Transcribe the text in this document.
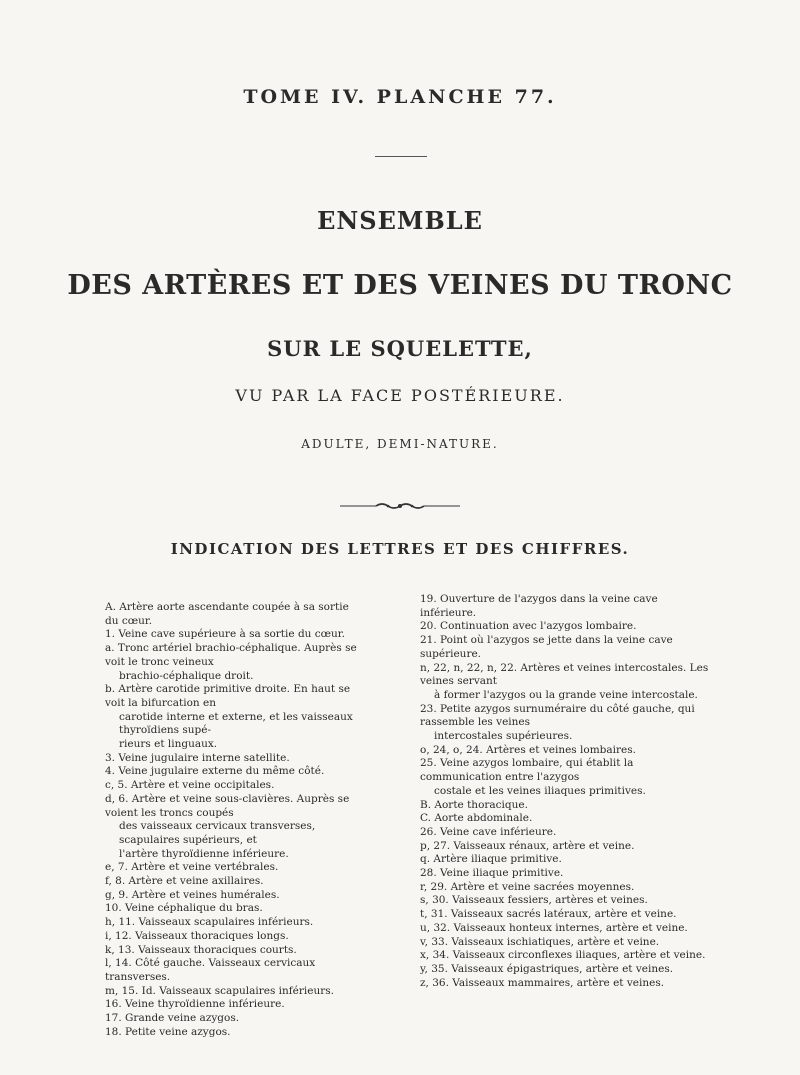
TOME IV. PLANCHE 77.
ENSEMBLE
DES ARTÈRES ET DES VEINES DU TRONC
SUR LE SQUELETTE,
VU PAR LA FACE POSTÉRIEURE.
ADULTE, DEMI-NATURE.
INDICATION DES LETTRES ET DES CHIFFRES.
A. Artère aorte ascendante coupée à sa sortie du cœur.
1. Veine cave supérieure à sa sortie du cœur.
a. Tronc artériel brachio-céphalique. Auprès se voit le tronc veineux
brachio-céphalique droit.
b. Artère carotide primitive droite. En haut se voit la bifurcation en
carotide interne et externe, et les vaisseaux thyroïdiens supé-
rieurs et linguaux.
3. Veine jugulaire interne satellite.
4. Veine jugulaire externe du même côté.
c, 5. Artère et veine occipitales.
d, 6. Artère et veine sous-clavières. Auprès se voient les troncs coupés
des vaisseaux cervicaux transverses, scapulaires supérieurs, et
l'artère thyroïdienne inférieure.
e, 7. Artère et veine vertébrales.
f, 8. Artère et veine axillaires.
g, 9. Artère et veines humérales.
10. Veine céphalique du bras.
h, 11. Vaisseaux scapulaires inférieurs.
i, 12. Vaisseaux thoraciques longs.
k, 13. Vaisseaux thoraciques courts.
l, 14. Côté gauche. Vaisseaux cervicaux transverses.
m, 15. Id. Vaisseaux scapulaires inférieurs.
16. Veine thyroïdienne inférieure.
17. Grande veine azygos.
18. Petite veine azygos.
19. Ouverture de l'azygos dans la veine cave inférieure.
20. Continuation avec l'azygos lombaire.
21. Point où l'azygos se jette dans la veine cave supérieure.
n, 22, n, 22, n, 22. Artères et veines intercostales. Les veines servant
à former l'azygos ou la grande veine intercostale.
23. Petite azygos surnuméraire du côté gauche, qui rassemble les veines
intercostales supérieures.
o, 24, o, 24. Artères et veines lombaires.
25. Veine azygos lombaire, qui établit la communication entre l'azygos
costale et les veines iliaques primitives.
B. Aorte thoracique.
C. Aorte abdominale.
26. Veine cave inférieure.
p, 27. Vaisseaux rénaux, artère et veine.
q. Artère iliaque primitive.
28. Veine iliaque primitive.
r, 29. Artère et veine sacrées moyennes.
s, 30. Vaisseaux fessiers, artères et veines.
t, 31. Vaisseaux sacrés latéraux, artère et veine.
u, 32. Vaisseaux honteux internes, artère et veine.
v, 33. Vaisseaux ischiatiques, artère et veine.
x, 34. Vaisseaux circonflexes iliaques, artère et veine.
y, 35. Vaisseaux épigastriques, artère et veines.
z, 36. Vaisseaux mammaires, artère et veines.
